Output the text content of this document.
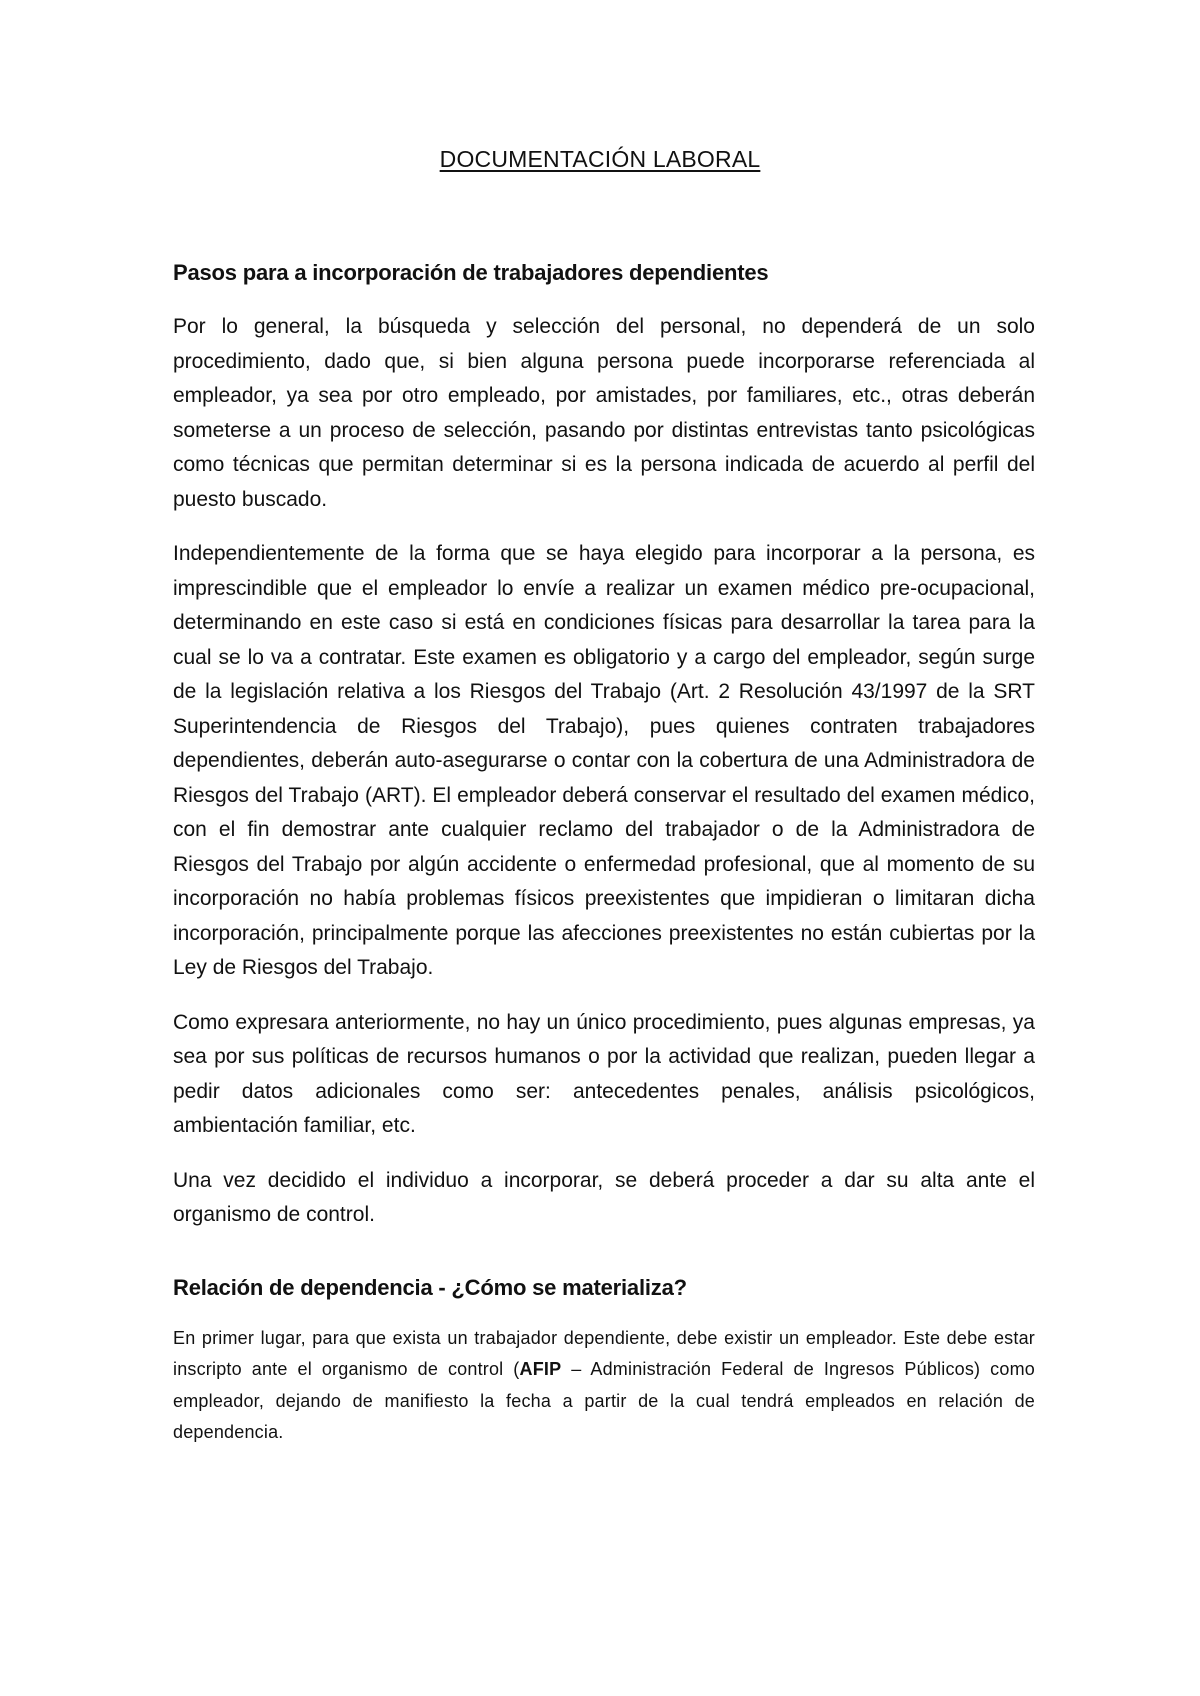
DOCUMENTACIÓN LABORAL
Pasos para a incorporación de trabajadores dependientes

Por lo general, la búsqueda y selección del personal, no dependerá de un solo procedimiento, dado que, si bien alguna persona puede incorporarse referenciada al empleador, ya sea por otro empleado, por amistades, por familiares, etc., otras deberán someterse a un proceso de selección, pasando por distintas entrevistas tanto psicológicas como técnicas que permitan determinar si es la persona indicada de acuerdo al perfil del puesto buscado.

Independientemente de la forma que se haya elegido para incorporar a la persona, es imprescindible que el empleador lo envíe a realizar un examen médico pre-ocupacional, determinando en este caso si está en condiciones físicas para desarrollar la tarea para la cual se lo va a contratar. Este examen es obligatorio y a cargo del empleador, según surge de la legislación relativa a los Riesgos del Trabajo (Art. 2 Resolución 43/1997 de la SRT Superintendencia de Riesgos del Trabajo), pues quienes contraten trabajadores dependientes, deberán auto-asegurarse o contar con la cobertura de una Administradora de Riesgos del Trabajo (ART). El empleador deberá conservar el resultado del examen médico, con el fin demostrar ante cualquier reclamo del trabajador o de la Administradora de Riesgos del Trabajo por algún accidente o enfermedad profesional, que al momento de su incorporación no había problemas físicos preexistentes que impidieran o limitaran dicha incorporación, principalmente porque las afecciones preexistentes no están cubiertas por la Ley de Riesgos del Trabajo.

Como expresara anteriormente, no hay un único procedimiento, pues algunas empresas, ya sea por sus políticas de recursos humanos o por la actividad que realizan, pueden llegar a pedir datos adicionales como ser: antecedentes penales, análisis psicológicos, ambientación familiar, etc.

Una vez decidido el individuo a incorporar, se deberá proceder a dar su alta ante el organismo de control.

Relación de dependencia - ¿Cómo se materializa?

En primer lugar, para que exista un trabajador dependiente, debe existir un empleador. Este debe estar inscripto ante el organismo de control (AFIP – Administración Federal de Ingresos Públicos) como empleador, dejando de manifiesto la fecha a partir de la cual tendrá empleados en relación de dependencia.
